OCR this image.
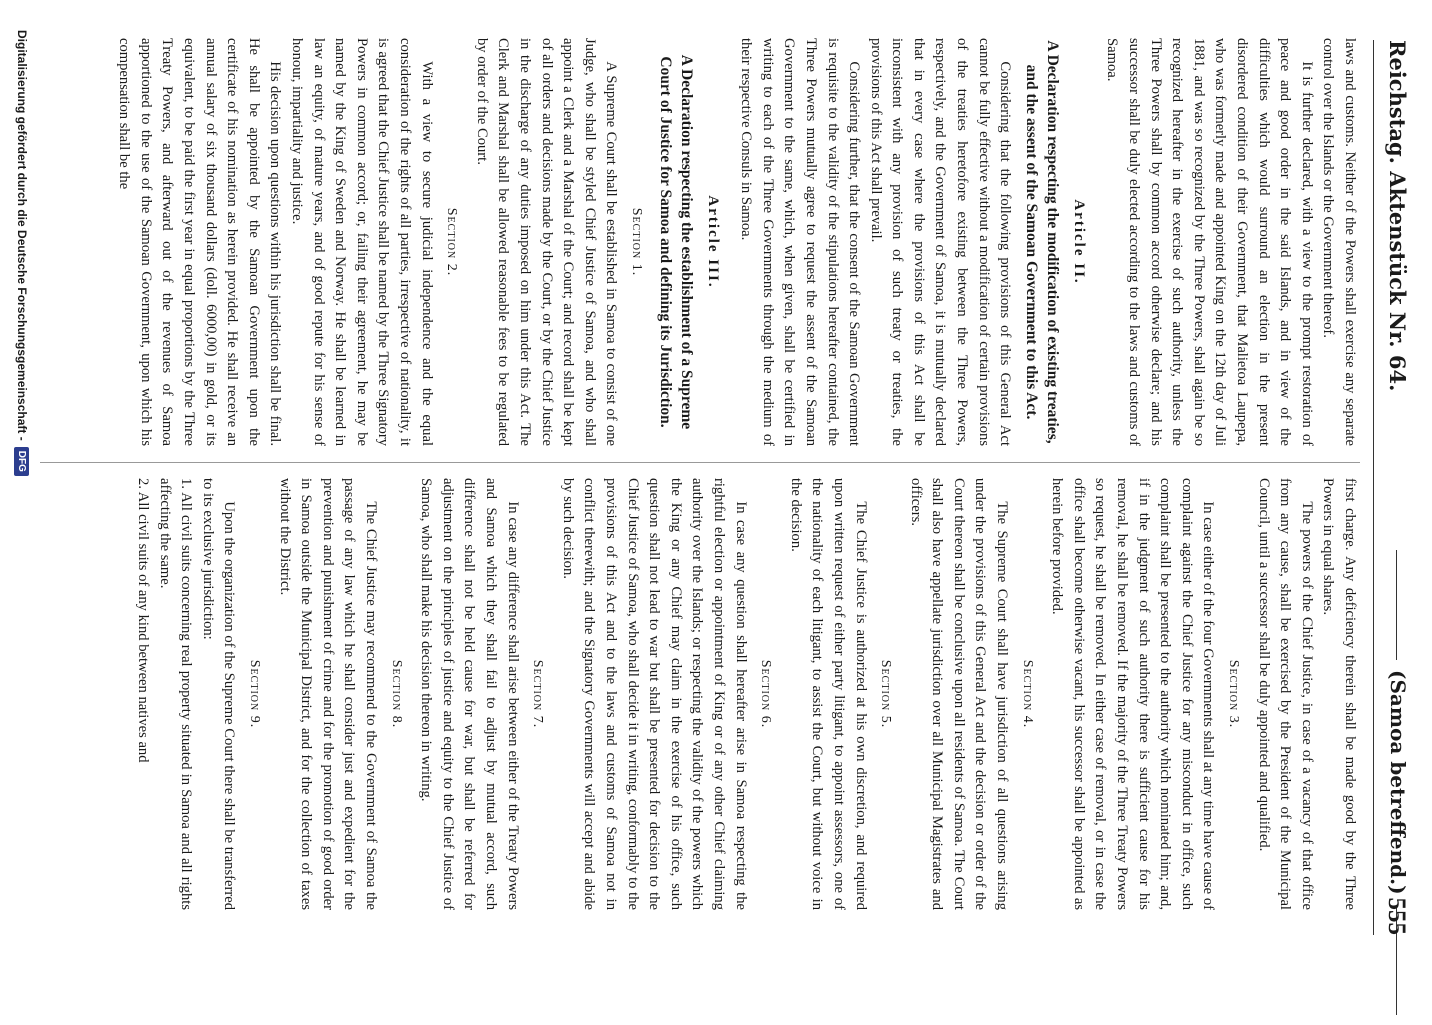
Reichstag. Aktenstück Nr. 64.
(Samoa betreffend.)
555

laws and customs. Neither of the Powers shall exercise any separate control over the Islands or the Government thereof.

It is further declared, with a view to the prompt restoration of peace and good order in the said Islands, and in view of the difficulties which would surround an election in the present disordered condition of their Government, that Malietoa Laupepa, who was formerly made and appointed King on the 12th day of Juli 1881, and was so recognized by the Three Powers, shall again be so recognized hereafter in the exercise of such authority, unless the Three Powers shall by common accord otherwise declare; and his successor shall be duly elected according to the laws and customs of Samoa.

Article II.
A Declaration respecting the modification of existing treaties, and the assent of the Samoan Government to this Act.

Considering that the following provisions of this General Act cannot be fully effective without a modification of certain provisions of the treaties heretofore existing between the Three Powers, respectively, and the Government of Samoa, it is mutually declared that in every case where the provisions of this Act shall be inconsistent with any provision of such treaty or treaties, the provisions of this Act shall prevail.

Considering further, that the consent of the Samoan Government is requisite to the validity of the stipulations hereafter contained, the Three Powers mutually agree to request the assent of the Samoan Government to the same, which, when given, shall be certified in writing to each of the Three Governments through the medium of their respective Consuls in Samoa.

Article III.
A Declaration respecting the establishment of a Supreme Court of Justice for Samoa and defining its Jurisdiction.
Section 1.

A Supreme Court shall be established in Samoa to consist of one Judge, who shall be styled Chief Justice of Samoa, and who shall appoint a Clerk and a Marshal of the Court; and record shall be kept of all orders and decisions made by the Court, or by the Chief Justice in the discharge of any duties imposed on him under this Act. The Clerk and Marshal shall be allowed reasonable fees to be regulated by order of the Court.

Section 2.

With a view to secure judicial independence and the equal consideration of the rights of all parties, irrespective of nationality, it is agreed that the Chief Justice shall be named by the Three Signatory Powers in common accord; or, failing their agreement, he may be named by the King of Sweden and Norway. He shall be learned in law an equity, of mature years, and of good repute for his sense of honour, impartiality and justice.

His decision upon questions within his jurisdiction shall be final. He shall be appointed by the Samoan Government upon the certificate of his nomination as herein provided. He shall receive an annual salary of six thousand dollars (doll. 6000,00) in gold, or its equivalent, to be paid the first year in equal proportions by the Three Treaty Powers, and afterward out of the revenues of Samoa apportioned to the use of the Samoan Government, upon which his compensation shall be the

first charge. Any deficiency therein shall be made good by the Three Powers in equal shares.

The powers of the Chief Justice, in case of a vacancy of that office from any cause, shall be exercised by the President of the Municipal Council, until a successor shall be duly appointed and qualified.

Section 3.

In case either of the four Governments shall at any time have cause of complaint against the Chief Justice for any misconduct in office, such complaint shall be presented to the authority which nominated him; and, if in the judgment of such authority there is sufficient cause for his removal, he shall be removed. If the majority of the Three Treaty Powers so request, he shall be removed. In either case of removal, or in case the office shall become otherwise vacant, his successor shall be appointed as herein before provided.

Section 4.

The Supreme Court shall have jurisdiction of all questions arising under the provisions of this General Act and the decision or order of the Court thereon shall be conclusive upon all residents of Samoa. The Court shall also have appellate jurisdiction over all Municipal Magistrates and officers.

Section 5.

The Chief Justice is authorized at his own discretion, and required upon written request of either party litigant, to appoint assessors, one of the nationality of each litigant, to assist the Court, but without voice in the decision.

Section 6.

In case any question shall hereafter arise in Samoa respecting the rightful election or appointment of King or of any other Chief claiming authority over the Islands; or respecting the validity of the powers which the King or any Chief may claim in the exercise of his office, such question shall not lead to war but shall be presented for decision to the Chief Justice of Samoa, who shall decide it in writing, conformably to the provisions of this Act and to the laws and customs of Samoa not in conflict therewith; and the Signatory Governments will accept and abide by such decision.

Section 7.

In case any difference shall arise between either of the Treaty Powers and Samoa which they shall fail to adjust by mutual accord, such difference shall not be held cause for war, but shall be referred for adjustment on the principles of justice and equity to the Chief Justice of Samoa, who shall make his decision thereon in writing.

Section 8.

The Chief Justice may recommend to the Government of Samoa the passage of any law which he shall consider just and expedient for the prevention and punishment of crime and for the promotion of good order in Samoa outside the Municipal District, and for the collection of taxes without the District.

Section 9.

Upon the organization of the Supreme Court there shall be transferred to its exclusive jurisdiction:

1. All civil suits concerning real property situated in Samoa and all rights affecting the same.

2. All civil suits of any kind between natives and

Digitalisierung gefördert durch die Deutsche Forschungsgemeinschaft -
DFG
